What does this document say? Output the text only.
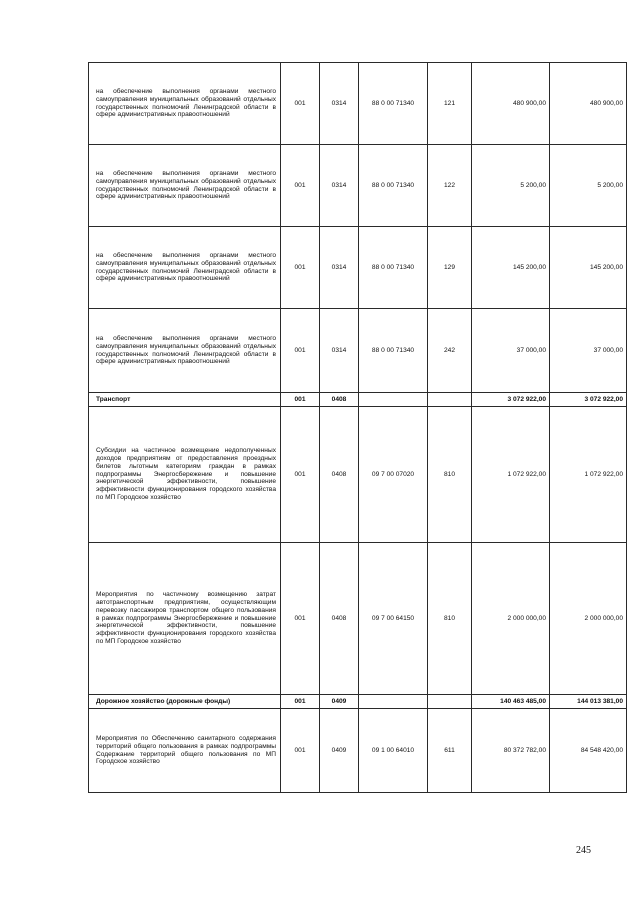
на обеспечение выполнения органами местного самоуправления муниципальных образований отдельных государственных полномочий Ленинградской области в сфере административных правоотношений	001	0314	88 0 00 71340	121	480 900,00	480 900,00
на обеспечение выполнения органами местного самоуправления муниципальных образований отдельных государственных полномочий Ленинградской области в сфере административных правоотношений	001	0314	88 0 00 71340	122	5 200,00	5 200,00
на обеспечение выполнения органами местного самоуправления муниципальных образований отдельных государственных полномочий Ленинградской области в сфере административных правоотношений	001	0314	88 0 00 71340	129	145 200,00	145 200,00
на обеспечение выполнения органами местного самоуправления муниципальных образований отдельных государственных полномочий Ленинградской области в сфере административных правоотношений	001	0314	88 0 00 71340	242	37 000,00	37 000,00
Транспорт	001	0408			3 072 922,00	3 072 922,00
Субсидии на частичное возмещение недополученных доходов предприятиям от предоставления проездных билетов льготным категориям граждан в рамках подпрограммы Энергосбережение и повышение энергетической эффективности, повышение эффективности функционирования городского хозяйства по МП Городское хозяйство	001	0408	09 7 00 07020	810	1 072 922,00	1 072 922,00
Мероприятия по частичному возмещению затрат автотранспортным предприятиям, осуществляющим перевозку пассажиров транспортом общего пользования в рамках подпрограммы Энергосбережение и повышение энергетической эффективности, повышение эффективности функционирования городского хозяйства по МП Городское хозяйство	001	0408	09 7 00 64150	810	2 000 000,00	2 000 000,00
Дорожное хозяйство (дорожные фонды)	001	0409			140 463 485,00	144 013 381,00
Мероприятия по Обеспечению санитарного содержания территорий общего пользования в рамках подпрограммы Содержание территорий общего пользования по МП Городское хозяйство	001	0409	09 1 00 64010	611	80 372 782,00	84 548 420,00
245
